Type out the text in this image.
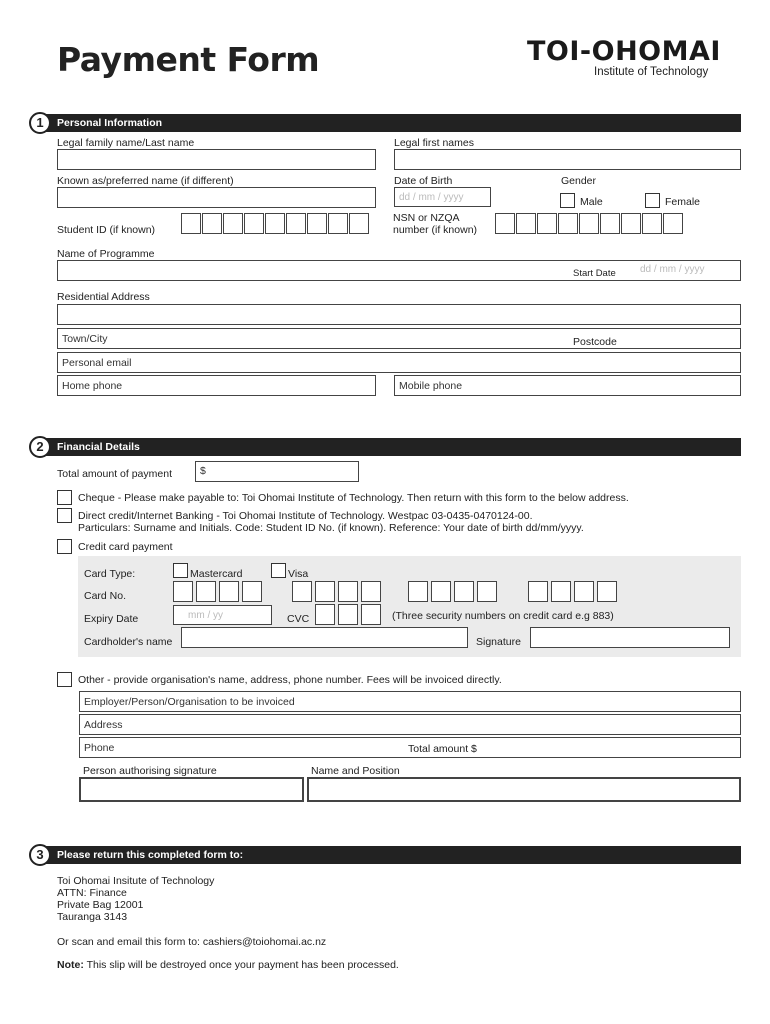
Payment Form	TOI-OHOMAI
Institute of Technology
Personal Information
1
Legal family name/Last name	Legal first names
Known as/preferred name (if different)	Date of Birth
dd / mm / yyyy
Gender
Male	Female
Student ID (if known)
NSN or NZQA
number (if known)
Name of Programme
Start Date dd / mm / yyyy
Residential Address
Town/City	Postcode
Personal email
Home phone	Mobile phone
Financial Details
2
Total amount of payment	$
Cheque - Please make payable to: Toi Ohomai Institute of Technology. Then return with this form to the below address.
Direct credit/Internet Banking - Toi Ohomai Institute of Technology. Westpac 03-0435-0470124-00.
Particulars: Surname and Initials. Code: Student ID No. (if known). Reference: Your date of birth dd/mm/yyyy.
Credit card payment
Card Type:	Mastercard	Visa
Card No.
Expiry Date	mm / yy	CVC	(Three security numbers on credit card e.g 883)
Cardholder's name	Signature
Other - provide organisation's name, address, phone number. Fees will be invoiced directly.
Employer/Person/Organisation to be invoiced
Address
Phone	Total amount $
Person authorising signature	Name and Position
Please return this completed form to:
3
Toi Ohomai Insitute of Technology
ATTN: Finance
Private Bag 12001
Tauranga 3143
Or scan and email this form to: cashiers@toiohomai.ac.nz
Note: This slip will be destroyed once your payment has been processed.
